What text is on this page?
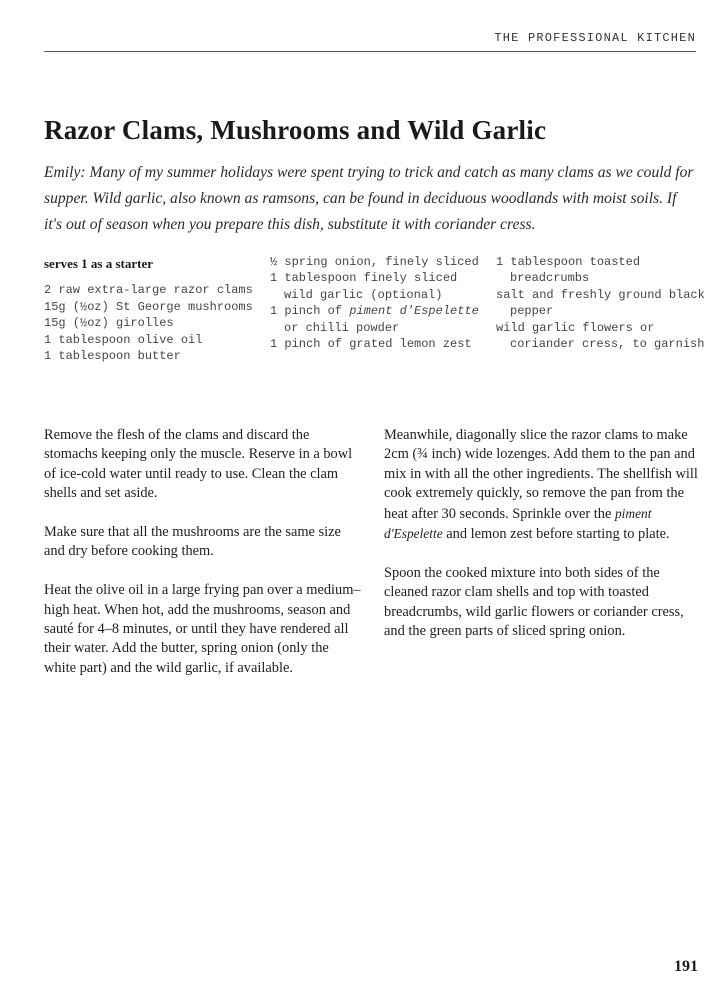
THE PROFESSIONAL KITCHEN
Razor Clams, Mushrooms and Wild Garlic
Emily: Many of my summer holidays were spent trying to trick and catch as many clams as we could for supper. Wild garlic, also known as ramsons, can be found in deciduous woodlands with moist soils. If it's out of season when you prepare this dish, substitute it with coriander cress.
serves 1 as a starter
2 raw extra-large razor clams
15g (½oz) St George mushrooms
15g (½oz) girolles
1 tablespoon olive oil
1 tablespoon butter
½ spring onion, finely sliced
1 tablespoon finely sliced wild garlic (optional)
1 pinch of piment d'Espelette or chilli powder
1 pinch of grated lemon zest
1 tablespoon toasted breadcrumbs
salt and freshly ground black pepper
wild garlic flowers or coriander cress, to garnish

Remove the flesh of the clams and discard the stomachs keeping only the muscle. Reserve in a bowl of ice-cold water until ready to use. Clean the clam shells and set aside.

Make sure that all the mushrooms are the same size and dry before cooking them.

Heat the olive oil in a large frying pan over a medium–high heat. When hot, add the mushrooms, season and sauté for 4–8 minutes, or until they have rendered all their water. Add the butter, spring onion (only the white part) and the wild garlic, if available.

Meanwhile, diagonally slice the razor clams to make 2cm (¾ inch) wide lozenges. Add them to the pan and mix in with all the other ingredients. The shellfish will cook extremely quickly, so remove the pan from the heat after 30 seconds. Sprinkle over the piment d'Espelette and lemon zest before starting to plate.

Spoon the cooked mixture into both sides of the cleaned razor clam shells and top with toasted breadcrumbs, wild garlic flowers or coriander cress, and the green parts of sliced spring onion.

191
